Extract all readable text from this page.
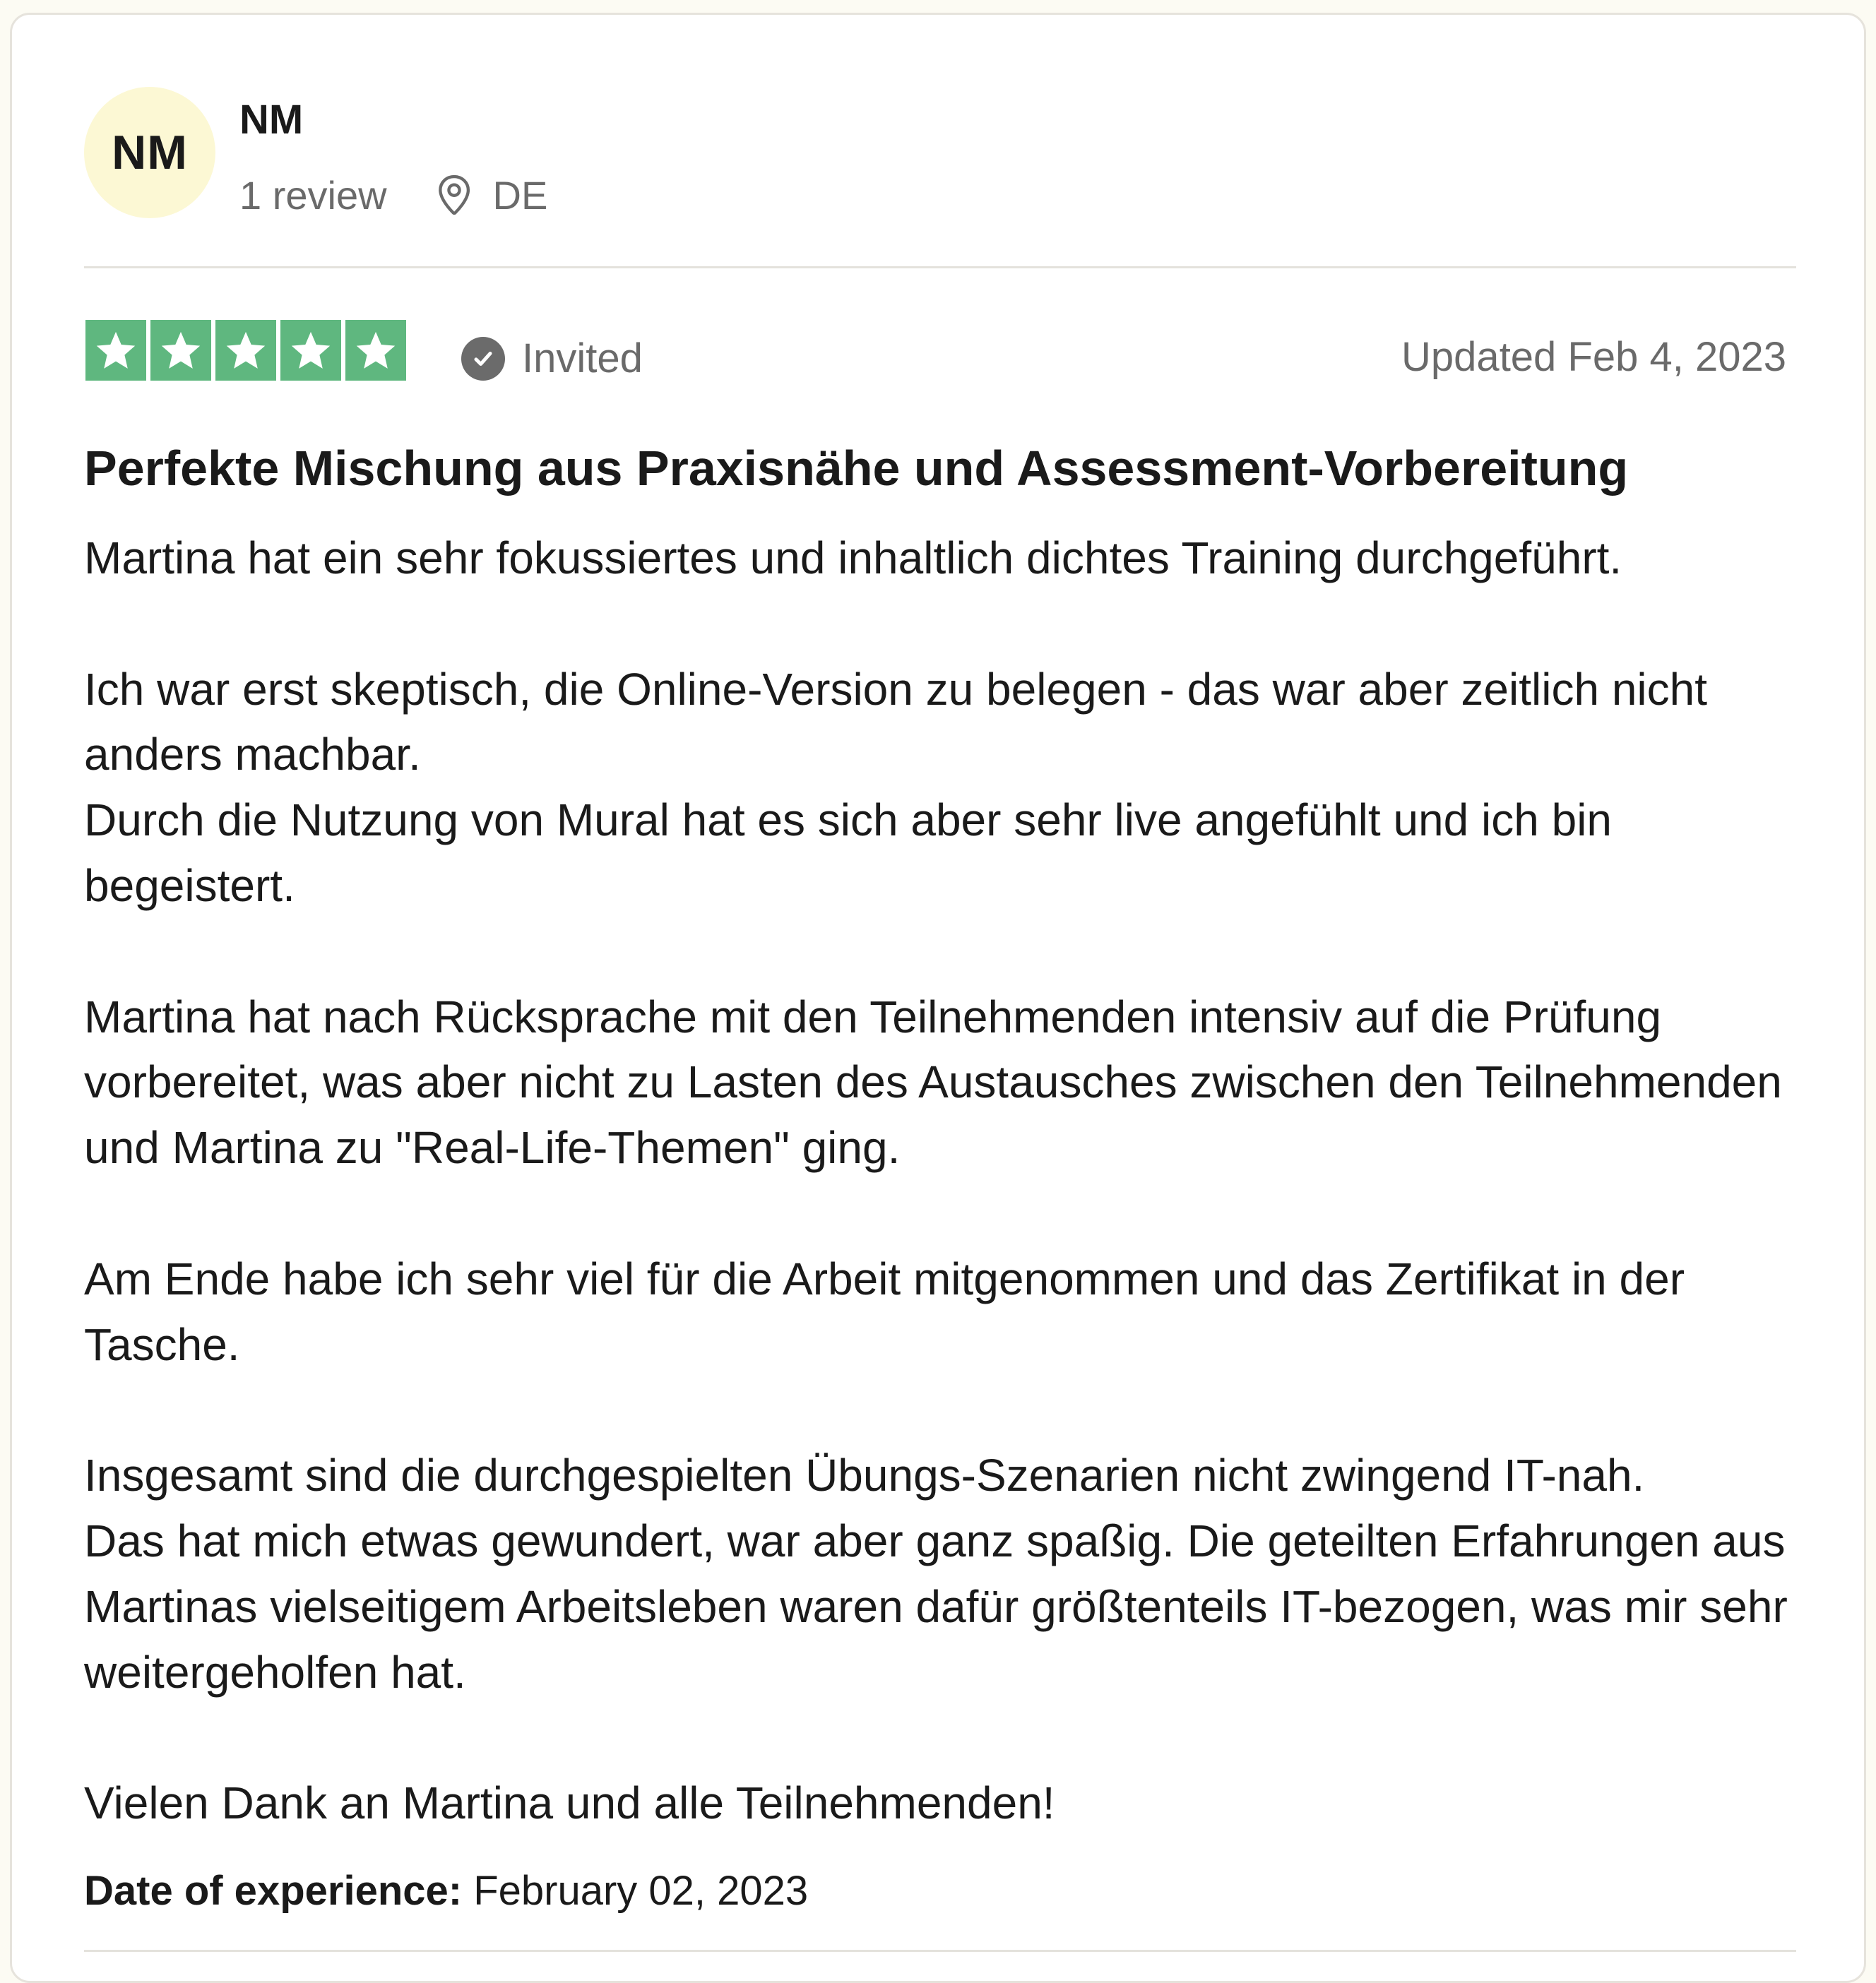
NM
NM
1 review	DE
Invited	Updated Feb 4, 2023
Perfekte Mischung aus Praxisnähe und Assessment-Vorbereitung

Martina hat ein sehr fokussiertes und inhaltlich dichtes Training durchgeführt.

Ich war erst skeptisch, die Online-Version zu belegen - das war aber zeitlich nicht anders machbar.
Durch die Nutzung von Mural hat es sich aber sehr live angefühlt und ich bin begeistert.

Martina hat nach Rücksprache mit den Teilnehmenden intensiv auf die Prüfung vorbereitet, was aber nicht zu Lasten des Austausches zwischen den Teilnehmenden und Martina zu "Real-Life-Themen" ging.

Am Ende habe ich sehr viel für die Arbeit mitgenommen und das Zertifikat in der Tasche.

Insgesamt sind die durchgespielten Übungs-Szenarien nicht zwingend IT-nah.
Das hat mich etwas gewundert, war aber ganz spaßig. Die geteilten Erfahrungen aus Martinas vielseitigem Arbeitsleben waren dafür größtenteils IT-bezogen, was mir sehr weitergeholfen hat.

Vielen Dank an Martina und alle Teilnehmenden!

Date of experience: February 02, 2023
